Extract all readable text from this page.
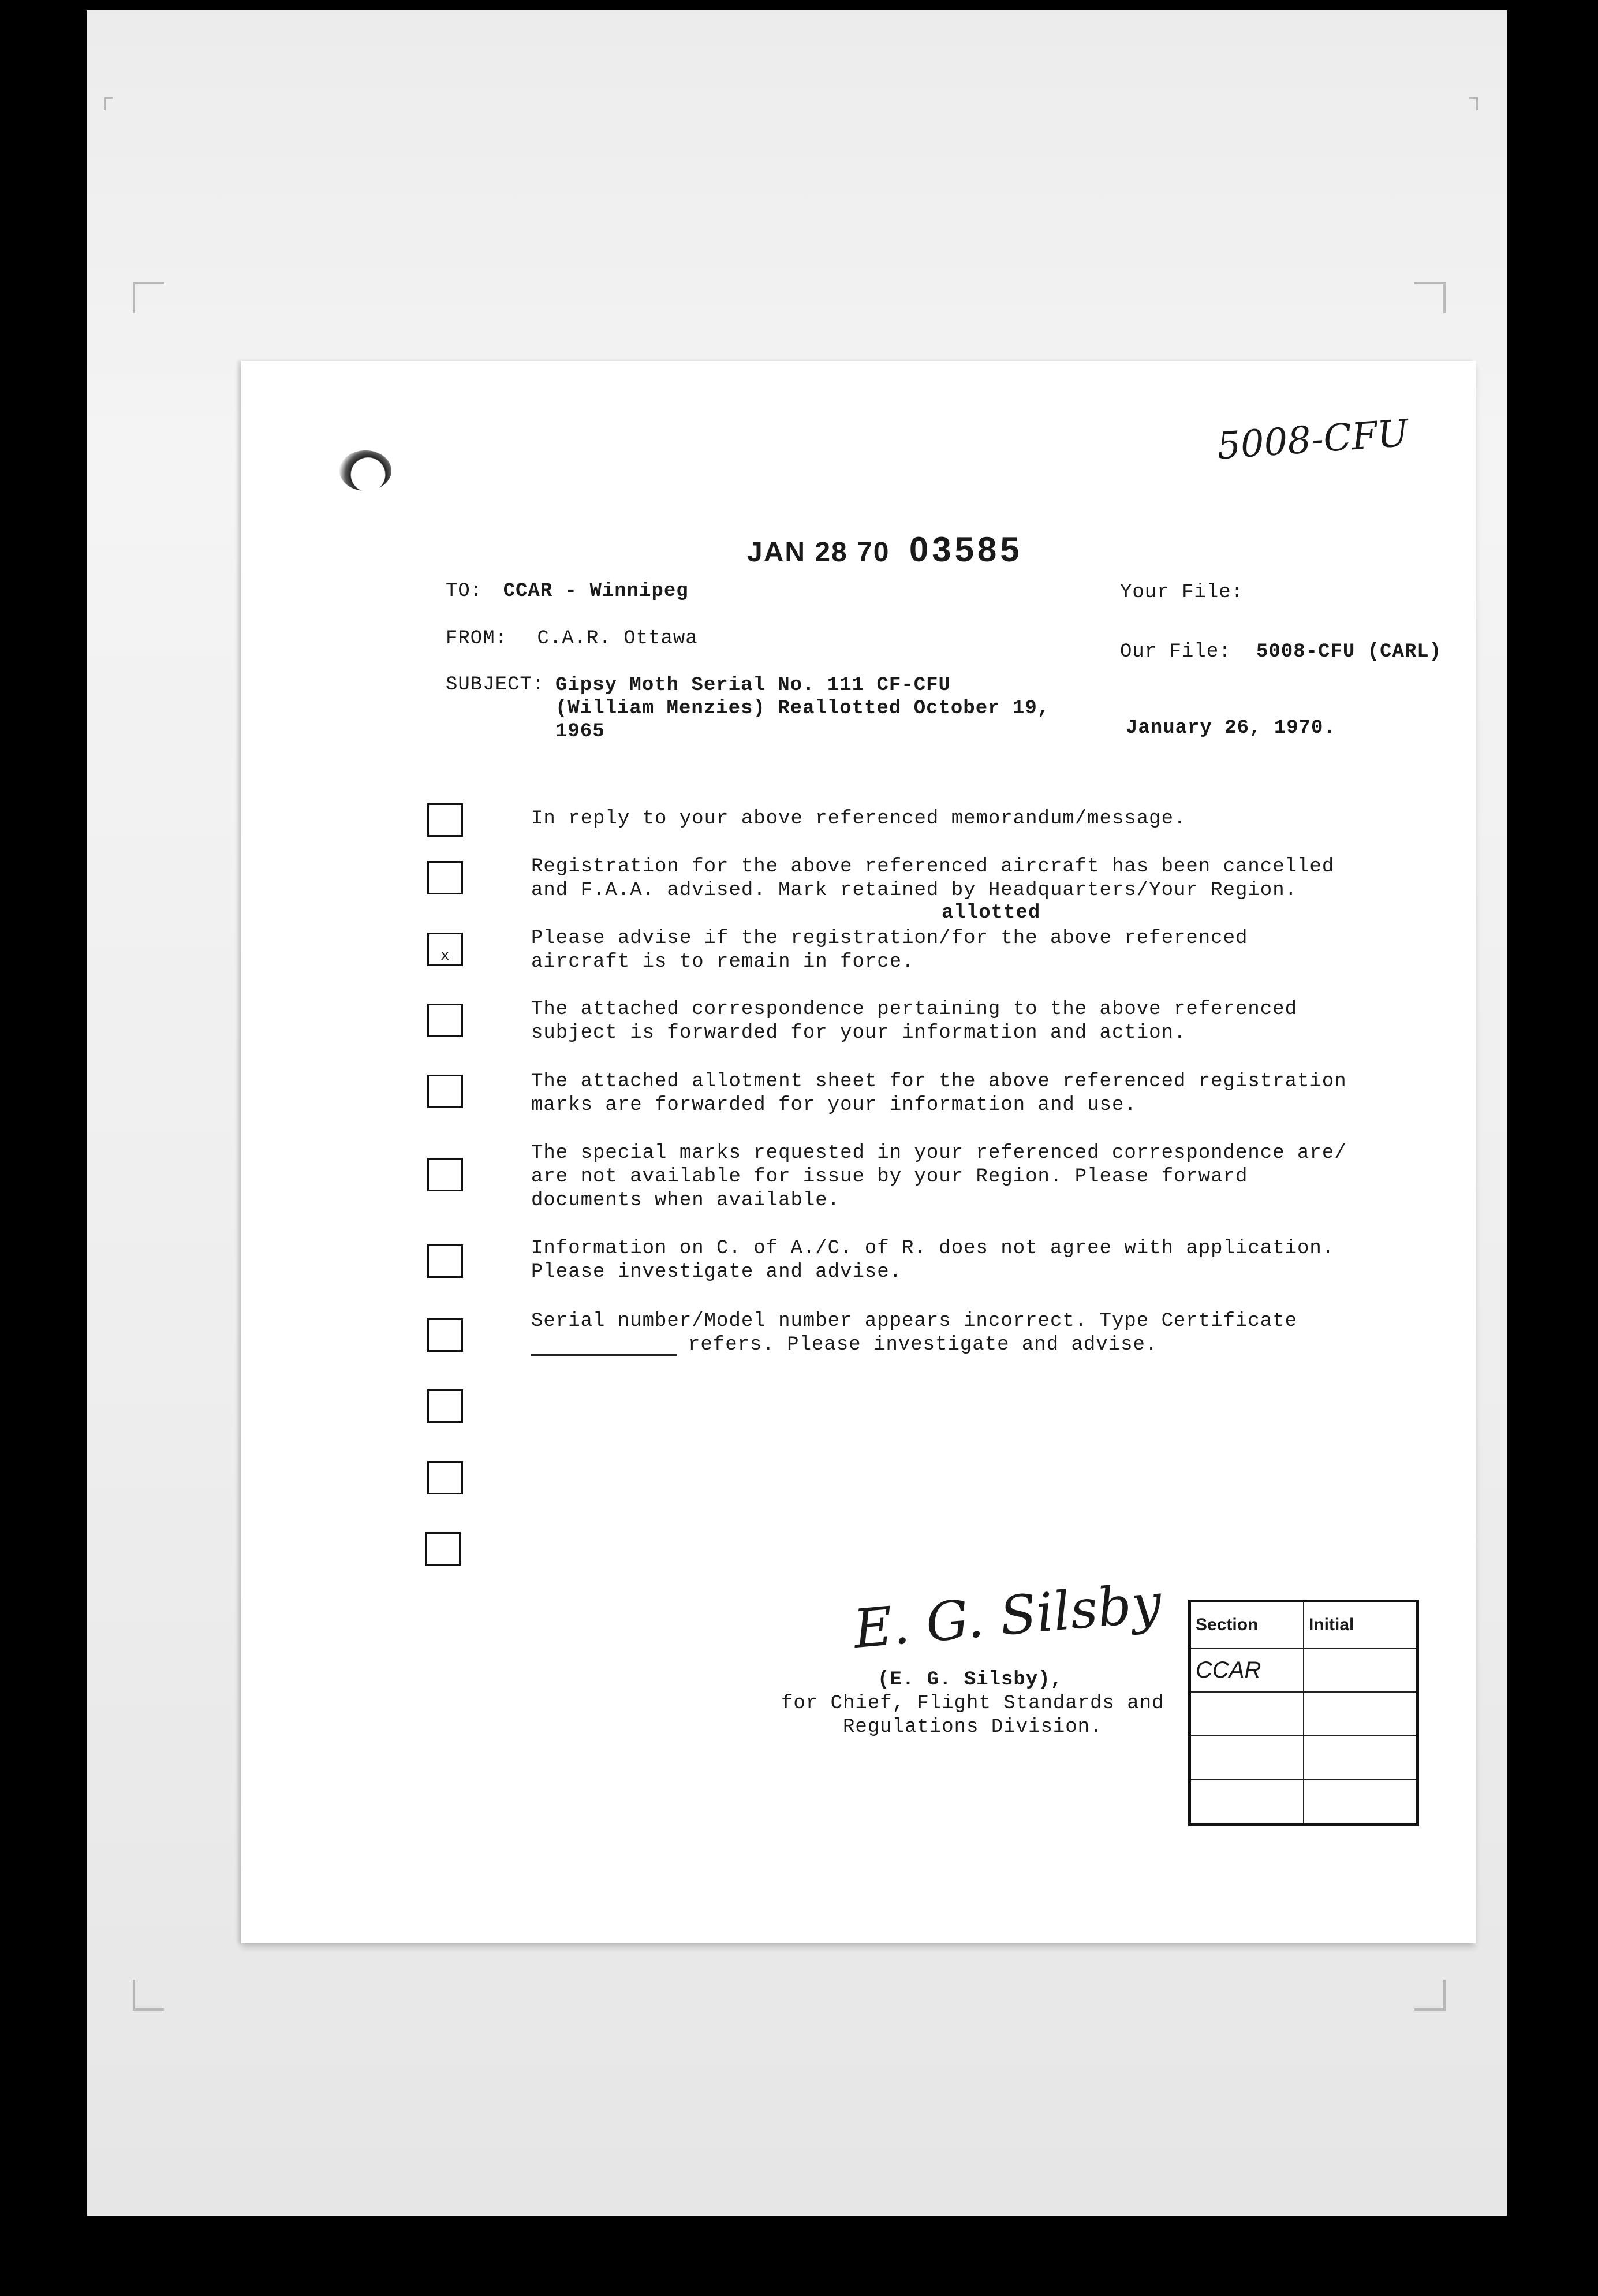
5008-CFU
JAN 28 70 03585
TO: CCAR - Winnipeg
FROM: C.A.R. Ottawa
SUBJECT: Gipsy Moth Serial No. 111 CF-CFU
(William Menzies) Reallotted October 19,
1965
Your File:
Our File: 5008-CFU (CARL)
January 26, 1970.
In reply to your above referenced memorandum/message.
Registration for the above referenced aircraft has been cancelled
and F.A.A. advised. Mark retained by Headquarters/Your Region.
allotted
x
Please advise if the registration/for the above referenced
aircraft is to remain in force.
The attached correspondence pertaining to the above referenced
subject is forwarded for your information and action.
The attached allotment sheet for the above referenced registration
marks are forwarded for your information and use.
The special marks requested in your referenced correspondence are/
are not available for issue by your Region. Please forward
documents when available.
Information on C. of A./C. of R. does not agree with application.
Please investigate and advise.
Serial number/Model number appears incorrect. Type Certificate
refers. Please investigate and advise.
E. G. Silsby
(E. G. Silsby),
for Chief, Flight Standards and
Regulations Division.
Section	Initial
CCAR	
